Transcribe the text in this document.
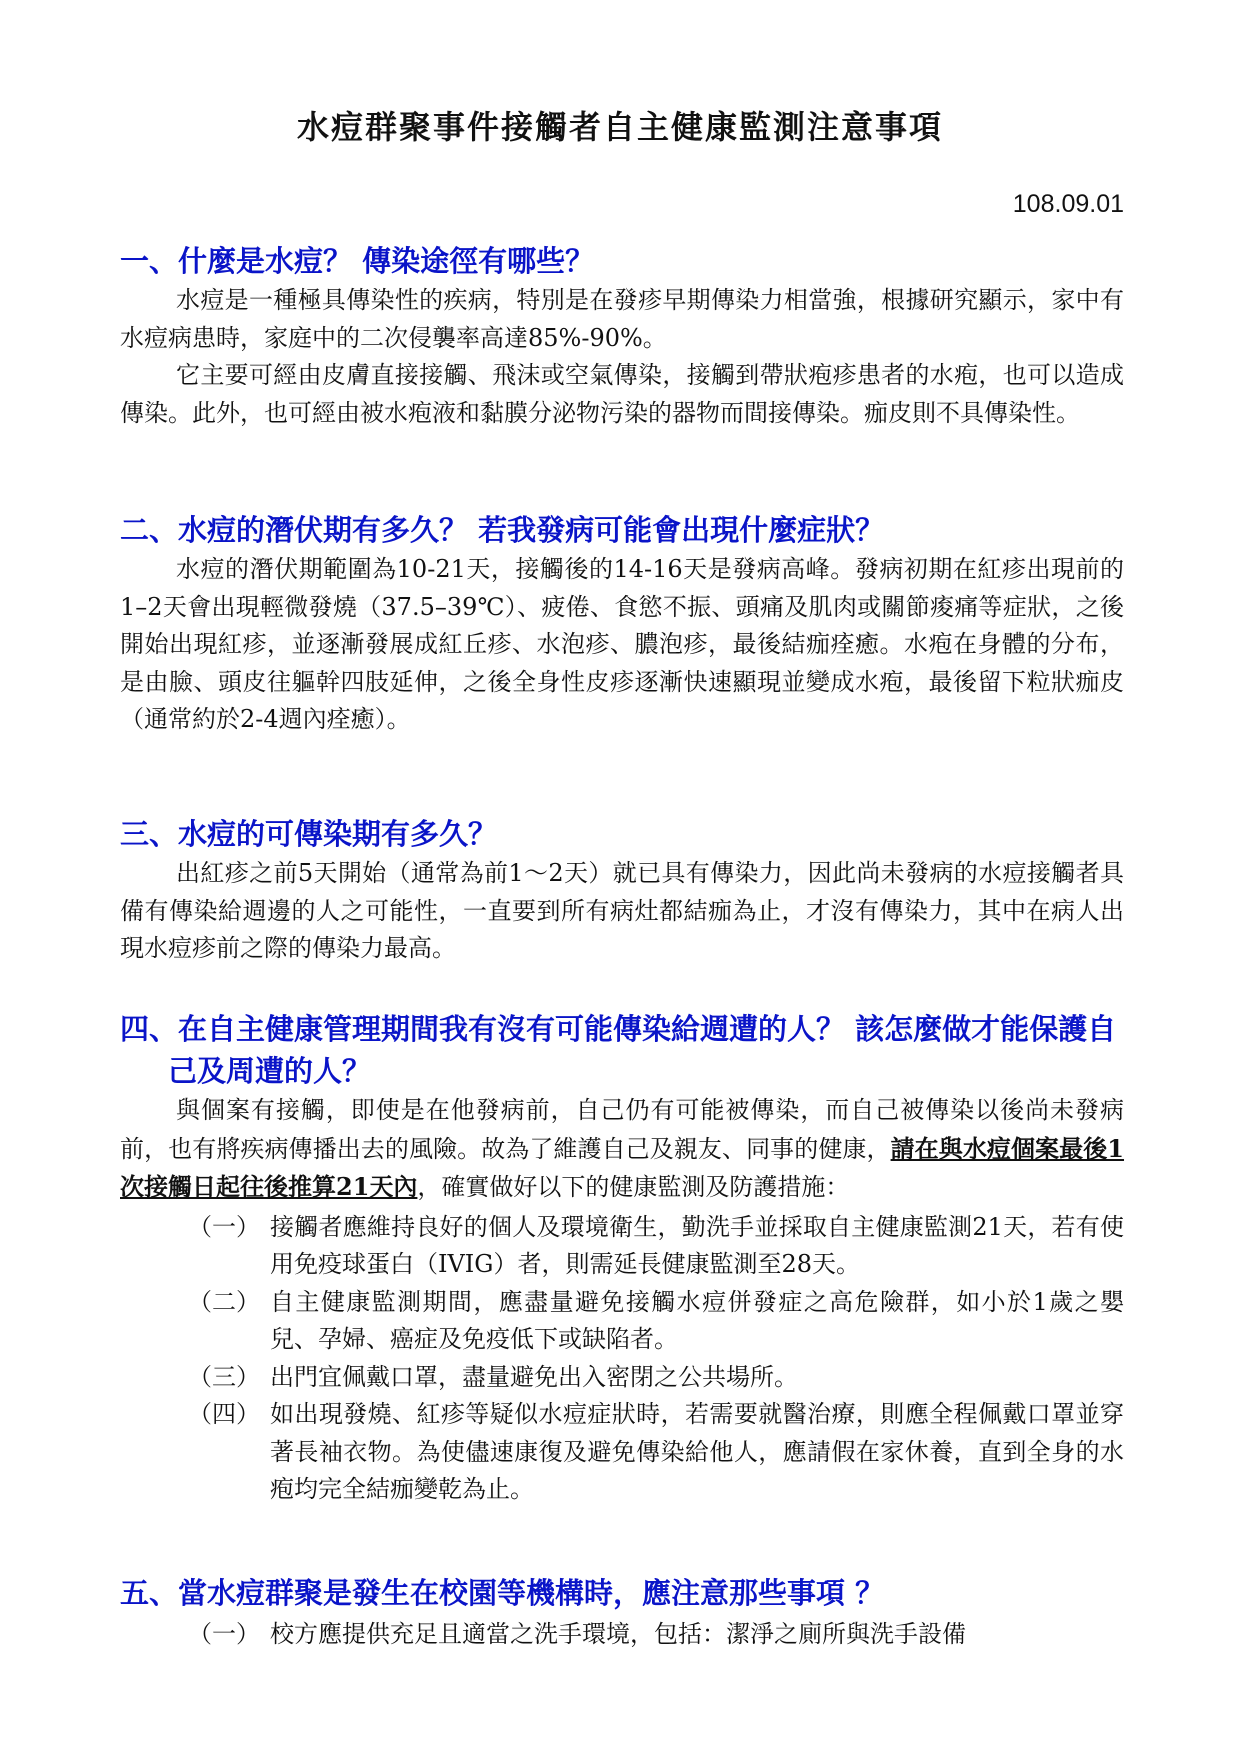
水痘群聚事件接觸者自主健康監測注意事項
108.09.01
一、什麼是水痘？ 傳染途徑有哪些？

水痘是一種極具傳染性的疾病，特別是在發疹早期傳染力相當強，根據研究顯示，家中有水痘病患時，家庭中的二次侵襲率高達85%-90%。

它主要可經由皮膚直接接觸、飛沫或空氣傳染，接觸到帶狀疱疹患者的水疱，也可以造成傳染。此外，也可經由被水疱液和黏膜分泌物污染的器物而間接傳染。痂皮則不具傳染性。

二、水痘的潛伏期有多久？ 若我發病可能會出現什麼症狀？

水痘的潛伏期範圍為10-21天，接觸後的14-16天是發病高峰。發病初期在紅疹出現前的1–2天會出現輕微發燒（37.5–39℃）、疲倦、食慾不振、頭痛及肌肉或關節痠痛等症狀，之後開始出現紅疹，並逐漸發展成紅丘疹、水泡疹、膿泡疹，最後結痂痊癒。水疱在身體的分布，是由臉、頭皮往軀幹四肢延伸，之後全身性皮疹逐漸快速顯現並變成水疱，最後留下粒狀痂皮（通常約於2-4週內痊癒）。

三、水痘的可傳染期有多久？

出紅疹之前5天開始（通常為前1～2天）就已具有傳染力，因此尚未發病的水痘接觸者具備有傳染給週邊的人之可能性，一直要到所有病灶都結痂為止，才沒有傳染力，其中在病人出現水痘疹前之際的傳染力最高。

四、在自主健康管理期間我有沒有可能傳染給週遭的人？ 該怎麼做才能保護自己及周遭的人？

與個案有接觸，即使是在他發病前，自己仍有可能被傳染，而自己被傳染以後尚未發病前，也有將疾病傳播出去的風險。故為了維護自己及親友、同事的健康，請在與水痘個案最後1次接觸日起往後推算21天內，確實做好以下的健康監測及防護措施：

（一） 接觸者應維持良好的個人及環境衛生，勤洗手並採取自主健康監測21天，若有使用免疫球蛋白（IVIG）者，則需延長健康監測至28天。
（二） 自主健康監測期間，應盡量避免接觸水痘併發症之高危險群，如小於1歲之嬰兒、孕婦、癌症及免疫低下或缺陷者。
（三） 出門宜佩戴口罩，盡量避免出入密閉之公共場所。
（四） 如出現發燒、紅疹等疑似水痘症狀時，若需要就醫治療，則應全程佩戴口罩並穿著長袖衣物。為使儘速康復及避免傳染給他人，應請假在家休養，直到全身的水疱均完全結痂變乾為止。
五、當水痘群聚是發生在校園等機構時，應注意那些事項 ？
（一） 校方應提供充足且適當之洗手環境，包括：潔淨之廁所與洗手設備
